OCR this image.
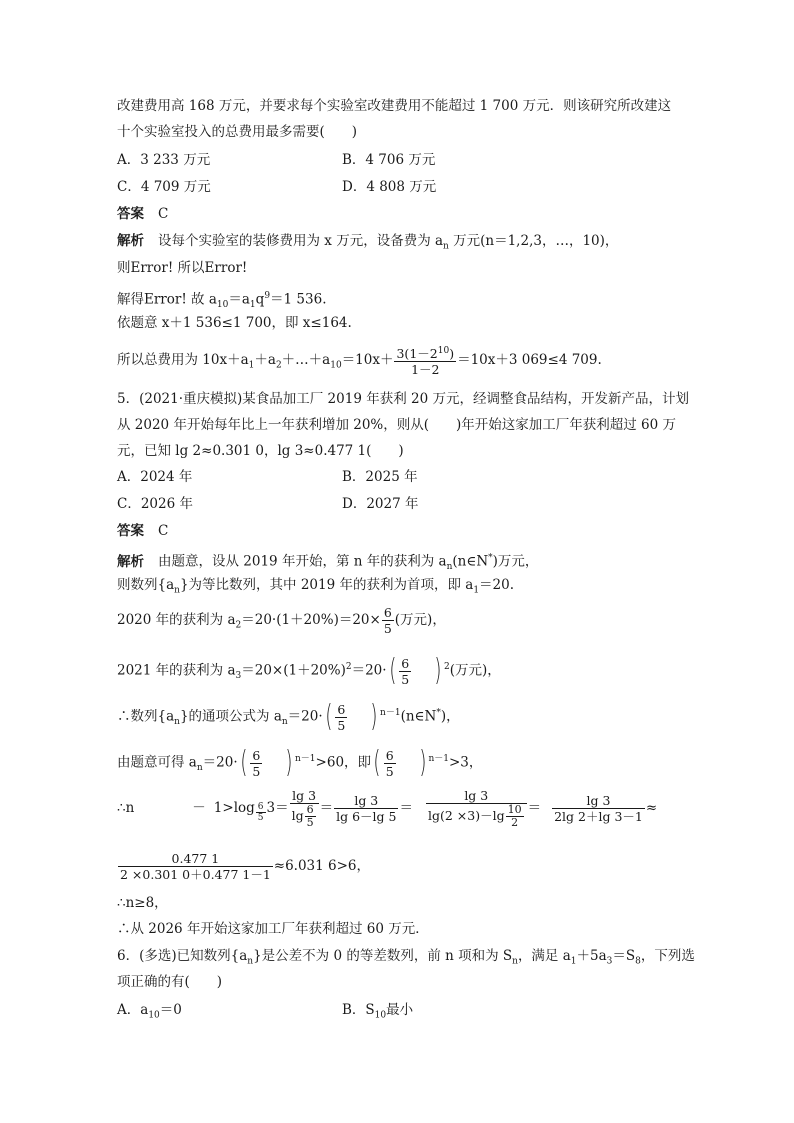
改建费用高 168 万元，并要求每个实验室改建费用不能超过 1 700 万元．则该研究所改建这
十个实验室投入的总费用最多需要(　　)
A．3 233 万元	B．4 706 万元
C．4 709 万元	D．4 808 万元
答案 C
解析 设每个实验室的装修费用为 x 万元，设备费为 $a_n$ 万元(n＝1,2,3，…，10)，
则Error! 所以Error!
解得Error! 故 $a_{10}=a_1q^9=1$ 536.
依题意 x＋1 536≤1 700，即 x≤164.
所以总费用为 $10x+a_1+a_2+\dots+a_{10}=10x+ \frac{3(1-2^{10})}{1-2} =10x+3$ 069≤4 709.
5．(2021·重庆模拟)某食品加工厂 2019 年获利 20 万元，经调整食品结构，开发新产品，计划
从 2020 年开始每年比上一年获利增加 20%，则从(　　)年开始这家加工厂年获利超过 60 万
元，已知 lg 2≈0.301 0，lg 3≈0.477 1(　　)
A．2024 年	B．2025 年
C．2026 年	D．2027 年
答案 C
解析 由题意，设从 2019 年开始，第 n 年的获利为 $a_n(n\in N^*)$万元，
则数列$\{a_n\}$为等比数列，其中 2019 年的获利为首项，即 $a_1=20$.
2020 年的获利为 $a_2=20\cdot(1+20\%)=20\times \frac{6}{5}$ (万元)，
2021 年的获利为 $a_3=20\times(1+20\%)^2=20\cdot( \frac{6}{5}$ ) $^2$(万元)，
∴数列$\{a_n\}$的通项公式为 $a_n=20\cdot( \frac{6}{5}$ ) $^{n-1}$(n∈N*)，
由题意可得 $a_n=20\cdot( \frac{6}{5}$ ) $^{n-1}$>60，即( $\frac{6}{5}$ ) $^{n-1}$>3，
∴n	－ $1>\log \frac{6}{5} 3= \frac{\lg 3}{\lg \frac{6}{5}} = \frac{\lg 3}{\lg 6-\lg 5} = \frac{\lg 3}{\lg(2 \times 3)-\lg \frac{10}{2}} = \frac{\lg 3}{2\lg 2+\lg 3-1}$ ≈
$\frac{0.477 1}{2 \times 0.301 0+0.477 1-1} \approx 6.031$ 6>6，
∴n≥8，
∴从 2026 年开始这家加工厂年获利超过 60 万元．
6．(多选)已知数列$\{a_n\}$是公差不为 0 的等差数列，前 n 项和为 $S_n$，满足 $a_1+5a_3=S_8$，下列选
项正确的有(　　)
A．$a_{10}=0$	B．$S_{10}$最小
